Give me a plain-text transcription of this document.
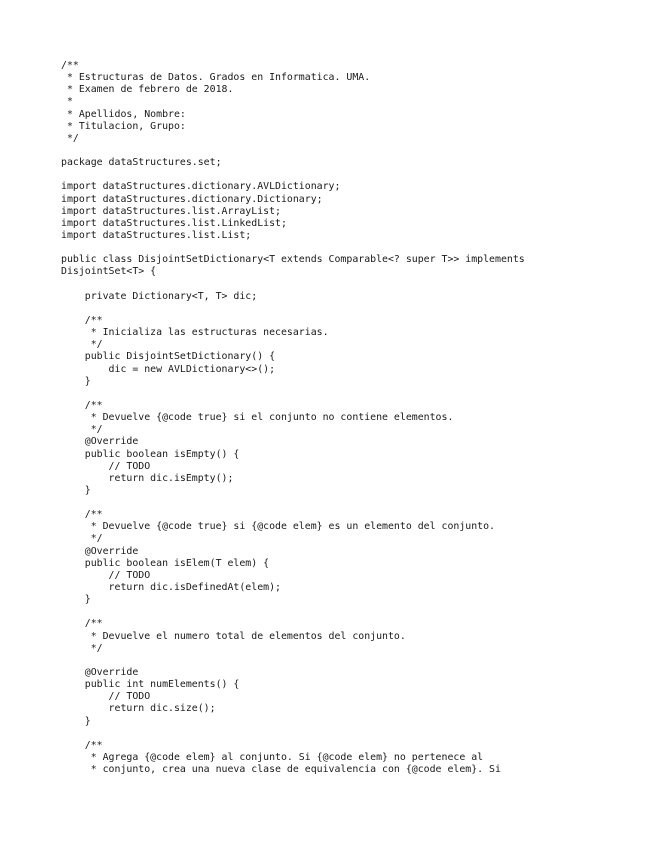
/**
* Estructuras de Datos. Grados en Informatica. UMA.
* Examen de febrero de 2018.
*
* Apellidos, Nombre:
* Titulacion, Grupo:
*/
package dataStructures.set;
import dataStructures.dictionary.AVLDictionary;
import dataStructures.dictionary.Dictionary;
import dataStructures.list.ArrayList;
import dataStructures.list.LinkedList;
import dataStructures.list.List;
public class DisjointSetDictionary<T extends Comparable<? super T>> implements
DisjointSet<T> {
private Dictionary<T, T> dic;
/**
* Inicializa las estructuras necesarias.
*/
public DisjointSetDictionary() {
dic = new AVLDictionary<>();
}
/**
* Devuelve {@code true} si el conjunto no contiene elementos.
*/
@Override
public boolean isEmpty() {
// TODO
return dic.isEmpty();
}
/**
* Devuelve {@code true} si {@code elem} es un elemento del conjunto.
*/
@Override
public boolean isElem(T elem) {
// TODO
return dic.isDefinedAt(elem);
}
/**
* Devuelve el numero total de elementos del conjunto.
*/
@Override
public int numElements() {
// TODO
return dic.size();
}
/**
* Agrega {@code elem} al conjunto. Si {@code elem} no pertenece al
* conjunto, crea una nueva clase de equivalencia con {@code elem}. Si
